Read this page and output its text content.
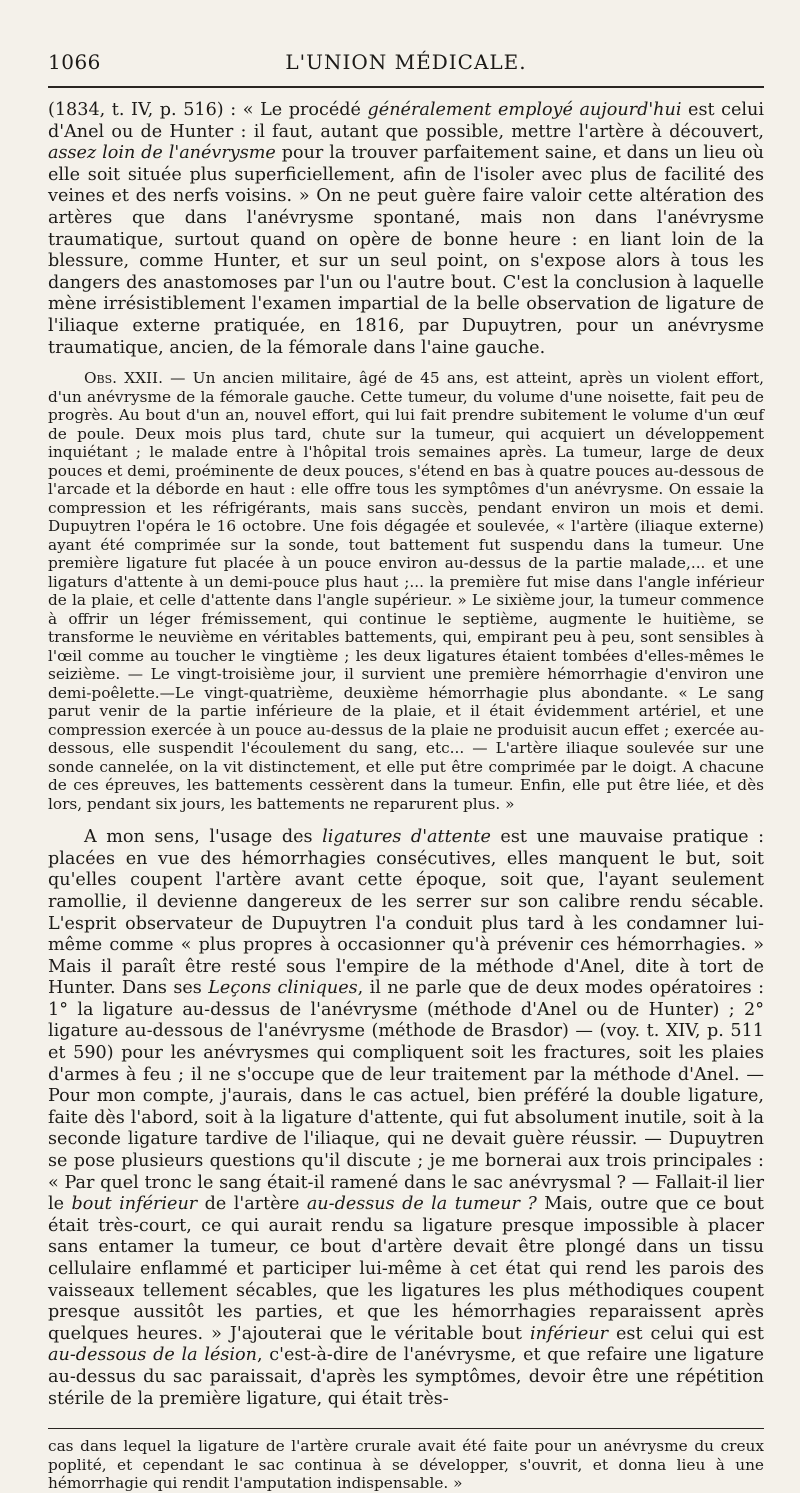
1066	L'UNION MÉDICALE.

(1834, t. IV, p. 516) : « Le procédé généralement employé aujourd'hui est celui d'Anel ou de Hunter : il faut, autant que possible, mettre l'artère à découvert, assez loin de l'anévrysme pour la trouver parfaitement saine, et dans un lieu où elle soit située plus superficiellement, afin de l'isoler avec plus de facilité des veines et des nerfs voisins. » On ne peut guère faire valoir cette altération des artères que dans l'anévrysme spontané, mais non dans l'anévrysme traumatique, surtout quand on opère de bonne heure : en liant loin de la blessure, comme Hunter, et sur un seul point, on s'expose alors à tous les dangers des anastomoses par l'un ou l'autre bout. C'est la conclusion à laquelle mène irrésistiblement l'examen impartial de la belle observation de ligature de l'iliaque externe pratiquée, en 1816, par Dupuytren, pour un anévrysme traumatique, ancien, de la fémorale dans l'aine gauche.

Obs. XXII. — Un ancien militaire, âgé de 45 ans, est atteint, après un violent effort, d'un anévrysme de la fémorale gauche. Cette tumeur, du volume d'une noisette, fait peu de progrès. Au bout d'un an, nouvel effort, qui lui fait prendre subitement le volume d'un œuf de poule. Deux mois plus tard, chute sur la tumeur, qui acquiert un développement inquiétant ; le malade entre à l'hôpital trois semaines après. La tumeur, large de deux pouces et demi, proéminente de deux pouces, s'étend en bas à quatre pouces au-dessous de l'arcade et la déborde en haut : elle offre tous les symptômes d'un anévrysme. On essaie la compression et les réfrigérants, mais sans succès, pendant environ un mois et demi. Dupuytren l'opéra le 16 octobre. Une fois dégagée et soulevée, « l'artère (iliaque externe) ayant été comprimée sur la sonde, tout battement fut suspendu dans la tumeur. Une première ligature fut placée à un pouce environ au-dessus de la partie malade,... et une ligaturs d'attente à un demi-pouce plus haut ;... la première fut mise dans l'angle inférieur de la plaie, et celle d'attente dans l'angle supérieur. » Le sixième jour, la tumeur commence à offrir un léger frémissement, qui continue le septième, augmente le huitième, se transforme le neuvième en véritables battements, qui, empirant peu à peu, sont sensibles à l'œil comme au toucher le vingtième ; les deux ligatures étaient tombées d'elles-mêmes le seizième. — Le vingt-troisième jour, il survient une première hémorrhagie d'environ une demi-poêlette.—Le vingt-quatrième, deuxième hémorrhagie plus abondante. « Le sang parut venir de la partie inférieure de la plaie, et il était évidemment artériel, et une compression exercée à un pouce au-dessus de la plaie ne produisit aucun effet ; exercée au-dessous, elle suspendit l'écoulement du sang, etc... — L'artère iliaque soulevée sur une sonde cannelée, on la vit distinctement, et elle put être comprimée par le doigt. A chacune de ces épreuves, les battements cessèrent dans la tumeur. Enfin, elle put être liée, et dès lors, pendant six jours, les battements ne reparurent plus. »

A mon sens, l'usage des ligatures d'attente est une mauvaise pratique : placées en vue des hémorrhagies consécutives, elles manquent le but, soit qu'elles coupent l'artère avant cette époque, soit que, l'ayant seulement ramollie, il devienne dangereux de les serrer sur son calibre rendu sécable. L'esprit observateur de Dupuytren l'a conduit plus tard à les condamner lui-même comme « plus propres à occasionner qu'à prévenir ces hémorrhagies. » Mais il paraît être resté sous l'empire de la méthode d'Anel, dite à tort de Hunter. Dans ses Leçons cliniques, il ne parle que de deux modes opératoires : 1° la ligature au-dessus de l'anévrysme (méthode d'Anel ou de Hunter) ; 2° ligature au-dessous de l'anévrysme (méthode de Brasdor) — (voy. t. XIV, p. 511 et 590) pour les anévrysmes qui compliquent soit les fractures, soit les plaies d'armes à feu ; il ne s'occupe que de leur traitement par la méthode d'Anel. — Pour mon compte, j'aurais, dans le cas actuel, bien préféré la double ligature, faite dès l'abord, soit à la ligature d'attente, qui fut absolument inutile, soit à la seconde ligature tardive de l'iliaque, qui ne devait guère réussir. — Dupuytren se pose plusieurs questions qu'il discute ; je me bornerai aux trois principales : « Par quel tronc le sang était-il ramené dans le sac anévrysmal ? — Fallait-il lier le bout inférieur de l'artère au-dessus de la tumeur ? Mais, outre que ce bout était très-court, ce qui aurait rendu sa ligature presque impossible à placer sans entamer la tumeur, ce bout d'artère devait être plongé dans un tissu cellulaire enflammé et participer lui-même à cet état qui rend les parois des vaisseaux tellement sécables, que les ligatures les plus méthodiques coupent presque aussitôt les parties, et que les hémorrhagies reparaissent après quelques heures. » J'ajouterai que le véritable bout inférieur est celui qui est au-dessous de la lésion, c'est-à-dire de l'anévrysme, et que refaire une ligature au-dessus du sac paraissait, d'après les symptômes, devoir être une répétition stérile de la première ligature, qui était très-

cas dans lequel la ligature de l'artère crurale avait été faite pour un anévrysme du creux poplité, et cependant le sac continua à se développer, s'ouvrit, et donna lieu à une hémorrhagie qui rendit l'amputation indispensable. »
